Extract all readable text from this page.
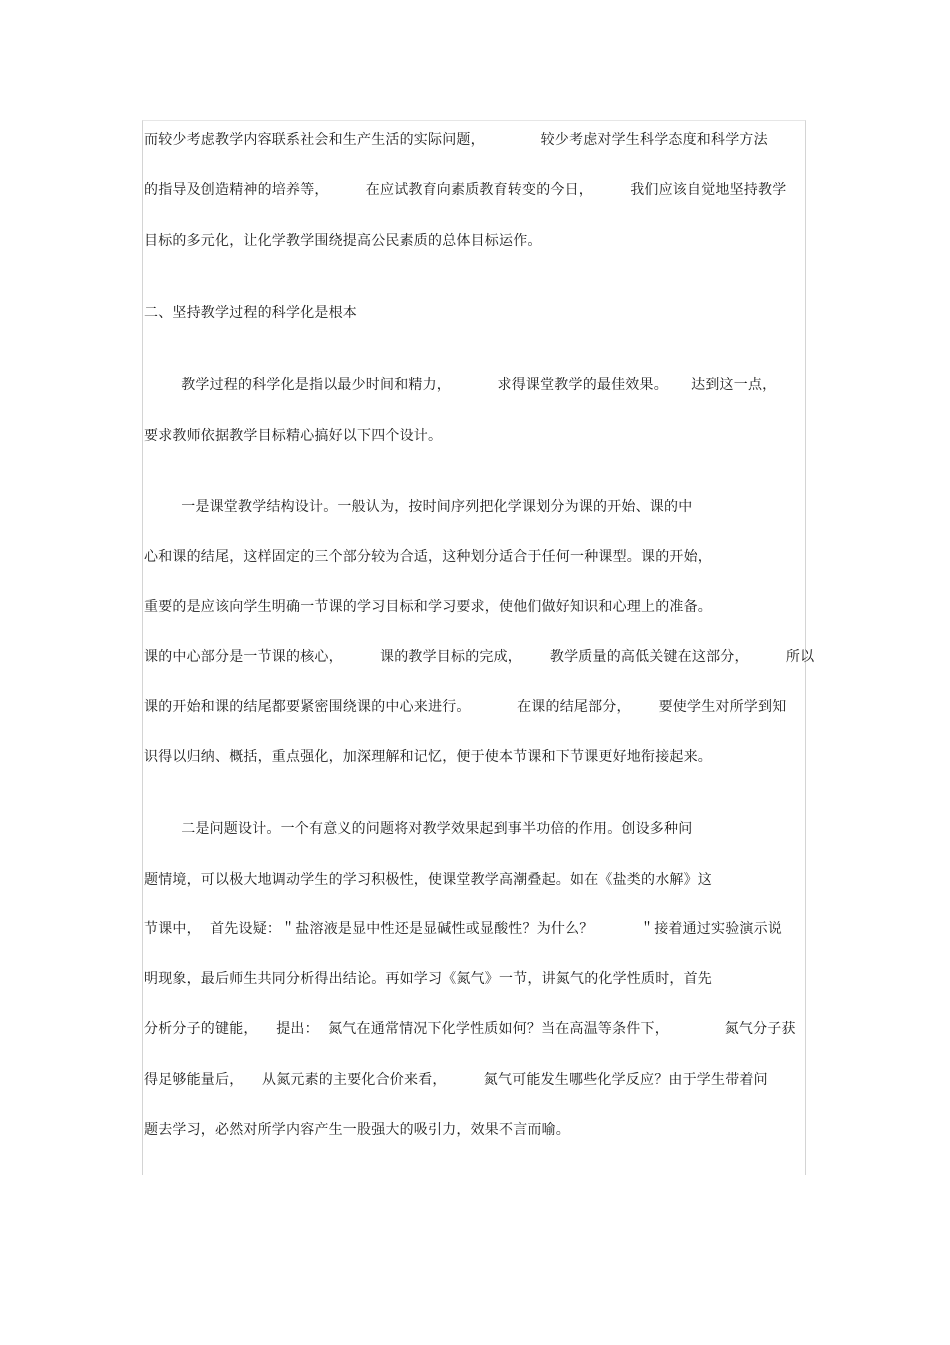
而较少考虑教学内容联系社会和生产生活的实际问题，            较少考虑对学生科学态度和科学方法
的指导及创造精神的培养等，        在应试教育向素质教育转变的今日，        我们应该自觉地坚持教学
目标的多元化，让化学教学围绕提高公民素质的总体目标运作。
二、坚持教学过程的科学化是根本
教学过程的科学化是指以最少时间和精力，          求得课堂教学的最佳效果。     达到这一点，
要求教师依据教学目标精心搞好以下四个设计。
一是课堂教学结构设计。一般认为，按时间序列把化学课划分为课的开始、课的中
心和课的结尾，这样固定的三个部分较为合适，这种划分适合于任何一种课型。课的开始，
重要的是应该向学生明确一节课的学习目标和学习要求，使他们做好知识和心理上的准备。
课的中心部分是一节课的核心，        课的教学目标的完成，      教学质量的高低关键在这部分，        所以
课的开始和课的结尾都要紧密围绕课的中心来进行。          在课的结尾部分，      要使学生对所学到知
识得以归纳、概括，重点强化，加深理解和记忆，便于使本节课和下节课更好地衔接起来。
二是问题设计。一个有意义的问题将对教学效果起到事半功倍的作用。创设多种问
题情境，可以极大地调动学生的学习积极性，使课堂教学高潮叠起。如在《盐类的水解》这
节课中，  首先设疑：＂盐溶液是显中性还是显碱性或显酸性？为什么？          ＂接着通过实验演示说
明现象，最后师生共同分析得出结论。再如学习《氮气》一节，讲氮气的化学性质时，首先
分析分子的键能，    提出：  氮气在通常情况下化学性质如何？当在高温等条件下，            氮气分子获
得足够能量后，    从氮元素的主要化合价来看，        氮气可能发生哪些化学反应？由于学生带着问
题去学习，必然对所学内容产生一股强大的吸引力，效果不言而喻。
